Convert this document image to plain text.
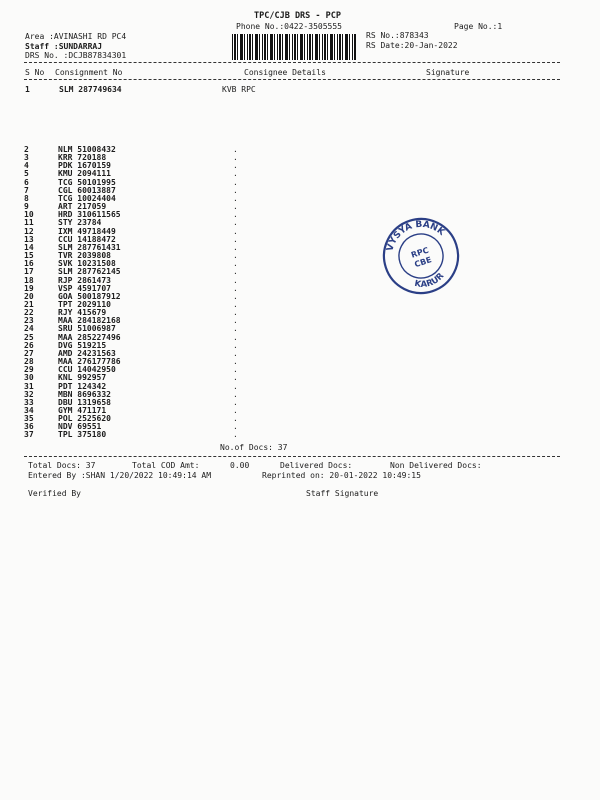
TPC/CJB DRS - PCP
Phone No.:0422-3505555	Page No.:1
Area :AVINASHI RD PC4
Staff :SUNDARRAJ
DRS No. :DCJB87834301
RS No.:878343
RS Date:20-Jan-2022
S No Consignment No	Consignee Details	Signature
1	SLM 287749634	KVB RPC
2	NLM 51008432	.
3	KRR 720188	.
4	PDK 1670159	.
5	KMU 2094111	.
6	TCG 50101995	.
7	CGL 60013887	.
8	TCG 10024404	.
9	ART 217059	.
10	HRD 310611565	.
11	STY 23784	.
12	IXM 49718449	.
13	CCU 14188472	.
14	SLM 287761431	.
15	TVR 2039808	.
16	SVK 10231508	.
17	SLM 287762145	.
18	RJP 2861473	.
19	VSP 4591707	.
20	GOA 500187912	.
21	TPT 2029110	.
22	RJY 415679	.
23	MAA 284182168	.
24	SRU 51006987	.
25	MAA 285227496	.
26	DVG 519215	.
27	AMD 24231563	.
28	MAA 276177786	.
29	CCU 14042950	.
30	KNL 992957	.
31	PDT 124342	.
32	MBN 8696332	.
33	DBU 1319658	.
34	GYM 471171	.
35	POL 2525620	.
36	NDV 69551	.
37	TPL 375180	.
No.of Docs: 37
Total Docs: 37	Total COD Amt:	0.00	Delivered Docs:	Non Delivered Docs:
Entered By :SHAN 1/20/2022 10:49:14 AM	Reprinted on: 20-01-2022 10:49:15
Verified By	Staff Signature
VYSYA BANK
KARUR
RPC
CBE
